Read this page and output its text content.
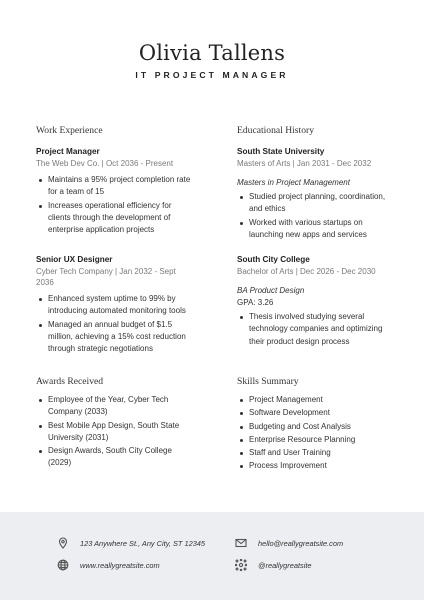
Olivia Tallens
IT PROJECT MANAGER
Work Experience
Project Manager
The Web Dev Co. | Oct 2036 - Present
Maintains a 95% project completion rate for a team of 15
Increases operational efficiency for clients through the development of enterprise application projects
Senior UX Designer
Cyber Tech Company | Jan 2032 - Sept 2036
Enhanced system uptime to 99% by introducing automated monitoring tools
Managed an annual budget of $1.5 million, achieving a 15% cost reduction through strategic negotiations
Educational History
South State University
Masters of Arts | Jan 2031 - Dec 2032
Masters in Project Management
Studied project planning, coordination, and ethics
Worked with various startups on launching new apps and services
South City College
Bachelor of Arts | Dec 2026 - Dec 2030
BA Product Design
GPA: 3.26
Thesis involved studying several technology companies and optimizing their product design process
Awards Received
Employee of the Year, Cyber Tech Company (2033)
Best Mobile App Design, South State University (2031)
Design Awards, South City College (2029)
Skills Summary
Project Management
Software Development
Budgeting and Cost Analysis
Enterprise Resource Planning
Staff and User Training
Process Improvement
123 Anywhere St., Any City, ST 12345	hello@reallygreatsite.com
www.reallygreatsite.com	@reallygreatsite
